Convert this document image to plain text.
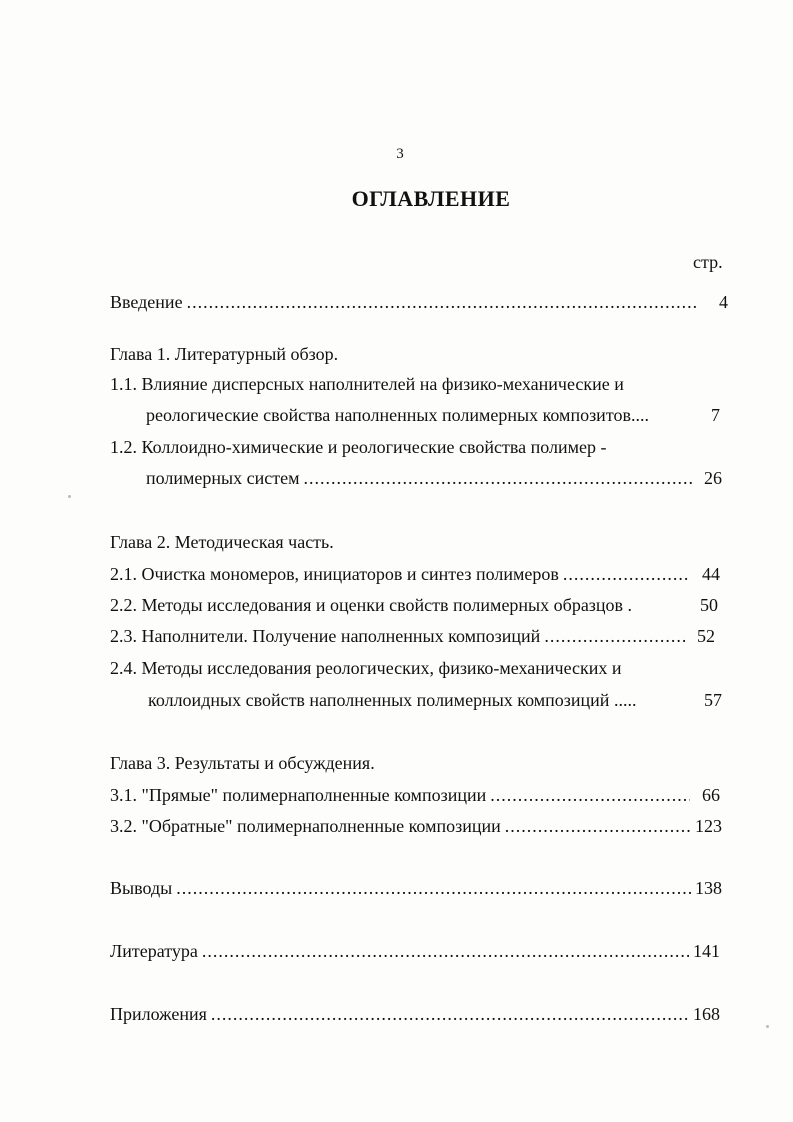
3
ОГЛАВЛЕНИЕ
стр.
Введение .....	4
Глава 1. Литературный обзор.
1.1. Влияние дисперсных наполнителей на физико-механические и
реологические свойства наполненных полимерных композитов....	7
1.2. Коллоидно-химические и реологические свойства полимер -
полимерных систем .....	26
Глава 2. Методическая часть.
2.1. Очистка мономеров, инициаторов и синтез полимеров .....	44
2.2. Методы исследования и оценки свойств полимерных образцов .	50
2.3. Наполнители. Получение наполненных композиций .....	52
2.4. Методы исследования реологических, физико-механических и
коллоидных свойств наполненных полимерных композиций .....	57
Глава 3. Результаты и обсуждения.
3.1. "Прямые" полимернаполненные композиции .....	66
3.2. "Обратные" полимернаполненные композиции .....	123
Выводы .....	138
Литература .....	141
Приложения .....	168
